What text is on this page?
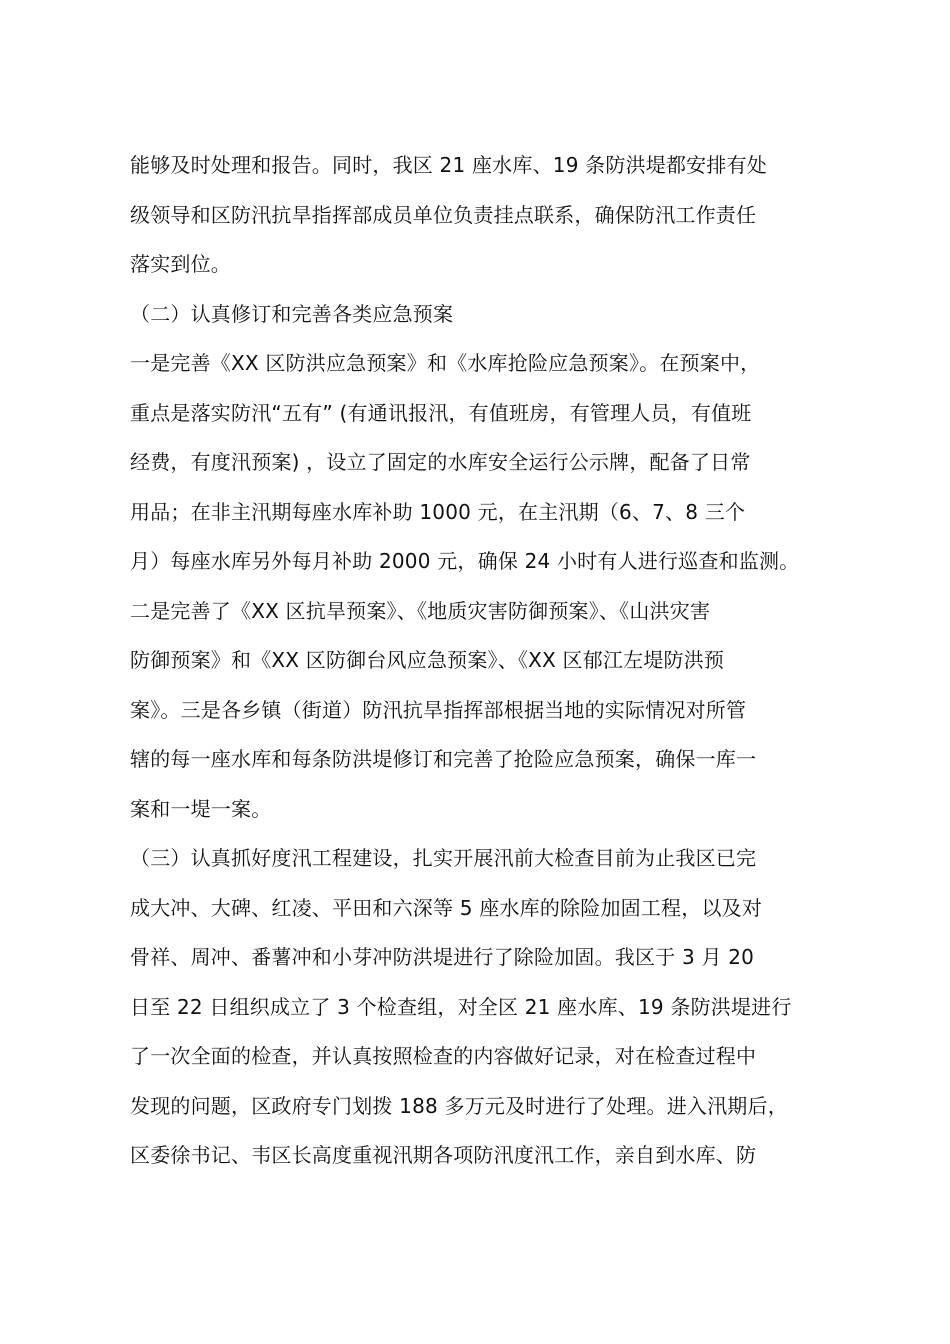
能够及时处理和报告。同时，我区 21 座水库、19 条防洪堤都安排有处
级领导和区防汛抗旱指挥部成员单位负责挂点联系，确保防汛工作责任
落实到位。
（二）认真修订和完善各类应急预案
一是完善《XX 区防洪应急预案》和《水库抢险应急预案》。在预案中，
重点是落实防汛“五有” (有通讯报汛，有值班房，有管理人员，有值班
经费，有度汛预案) ，设立了固定的水库安全运行公示牌，配备了日常
用品；在非主汛期每座水库补助 1000 元，在主汛期（6、7、8 三个
月）每座水库另外每月补助 2000 元，确保 24 小时有人进行巡查和监测。
二是完善了《XX 区抗旱预案》、《地质灾害防御预案》、《山洪灾害
防御预案》和《XX 区防御台风应急预案》、《XX 区郁江左堤防洪预
案》。三是各乡镇（街道）防汛抗旱指挥部根据当地的实际情况对所管
辖的每一座水库和每条防洪堤修订和完善了抢险应急预案，确保一库一
案和一堤一案。
（三）认真抓好度汛工程建设，扎实开展汛前大检查目前为止我区已完
成大冲、大碑、红凌、平田和六深等 5 座水库的除险加固工程，以及对
骨祥、周冲、番薯冲和小芽冲防洪堤进行了除险加固。我区于 3 月 20
日至 22 日组织成立了 3 个检查组，对全区 21 座水库、19 条防洪堤进行
了一次全面的检查，并认真按照检查的内容做好记录，对在检查过程中
发现的问题，区政府专门划拨 188 多万元及时进行了处理。进入汛期后，
区委徐书记、韦区长高度重视汛期各项防汛度汛工作，亲自到水库、防
